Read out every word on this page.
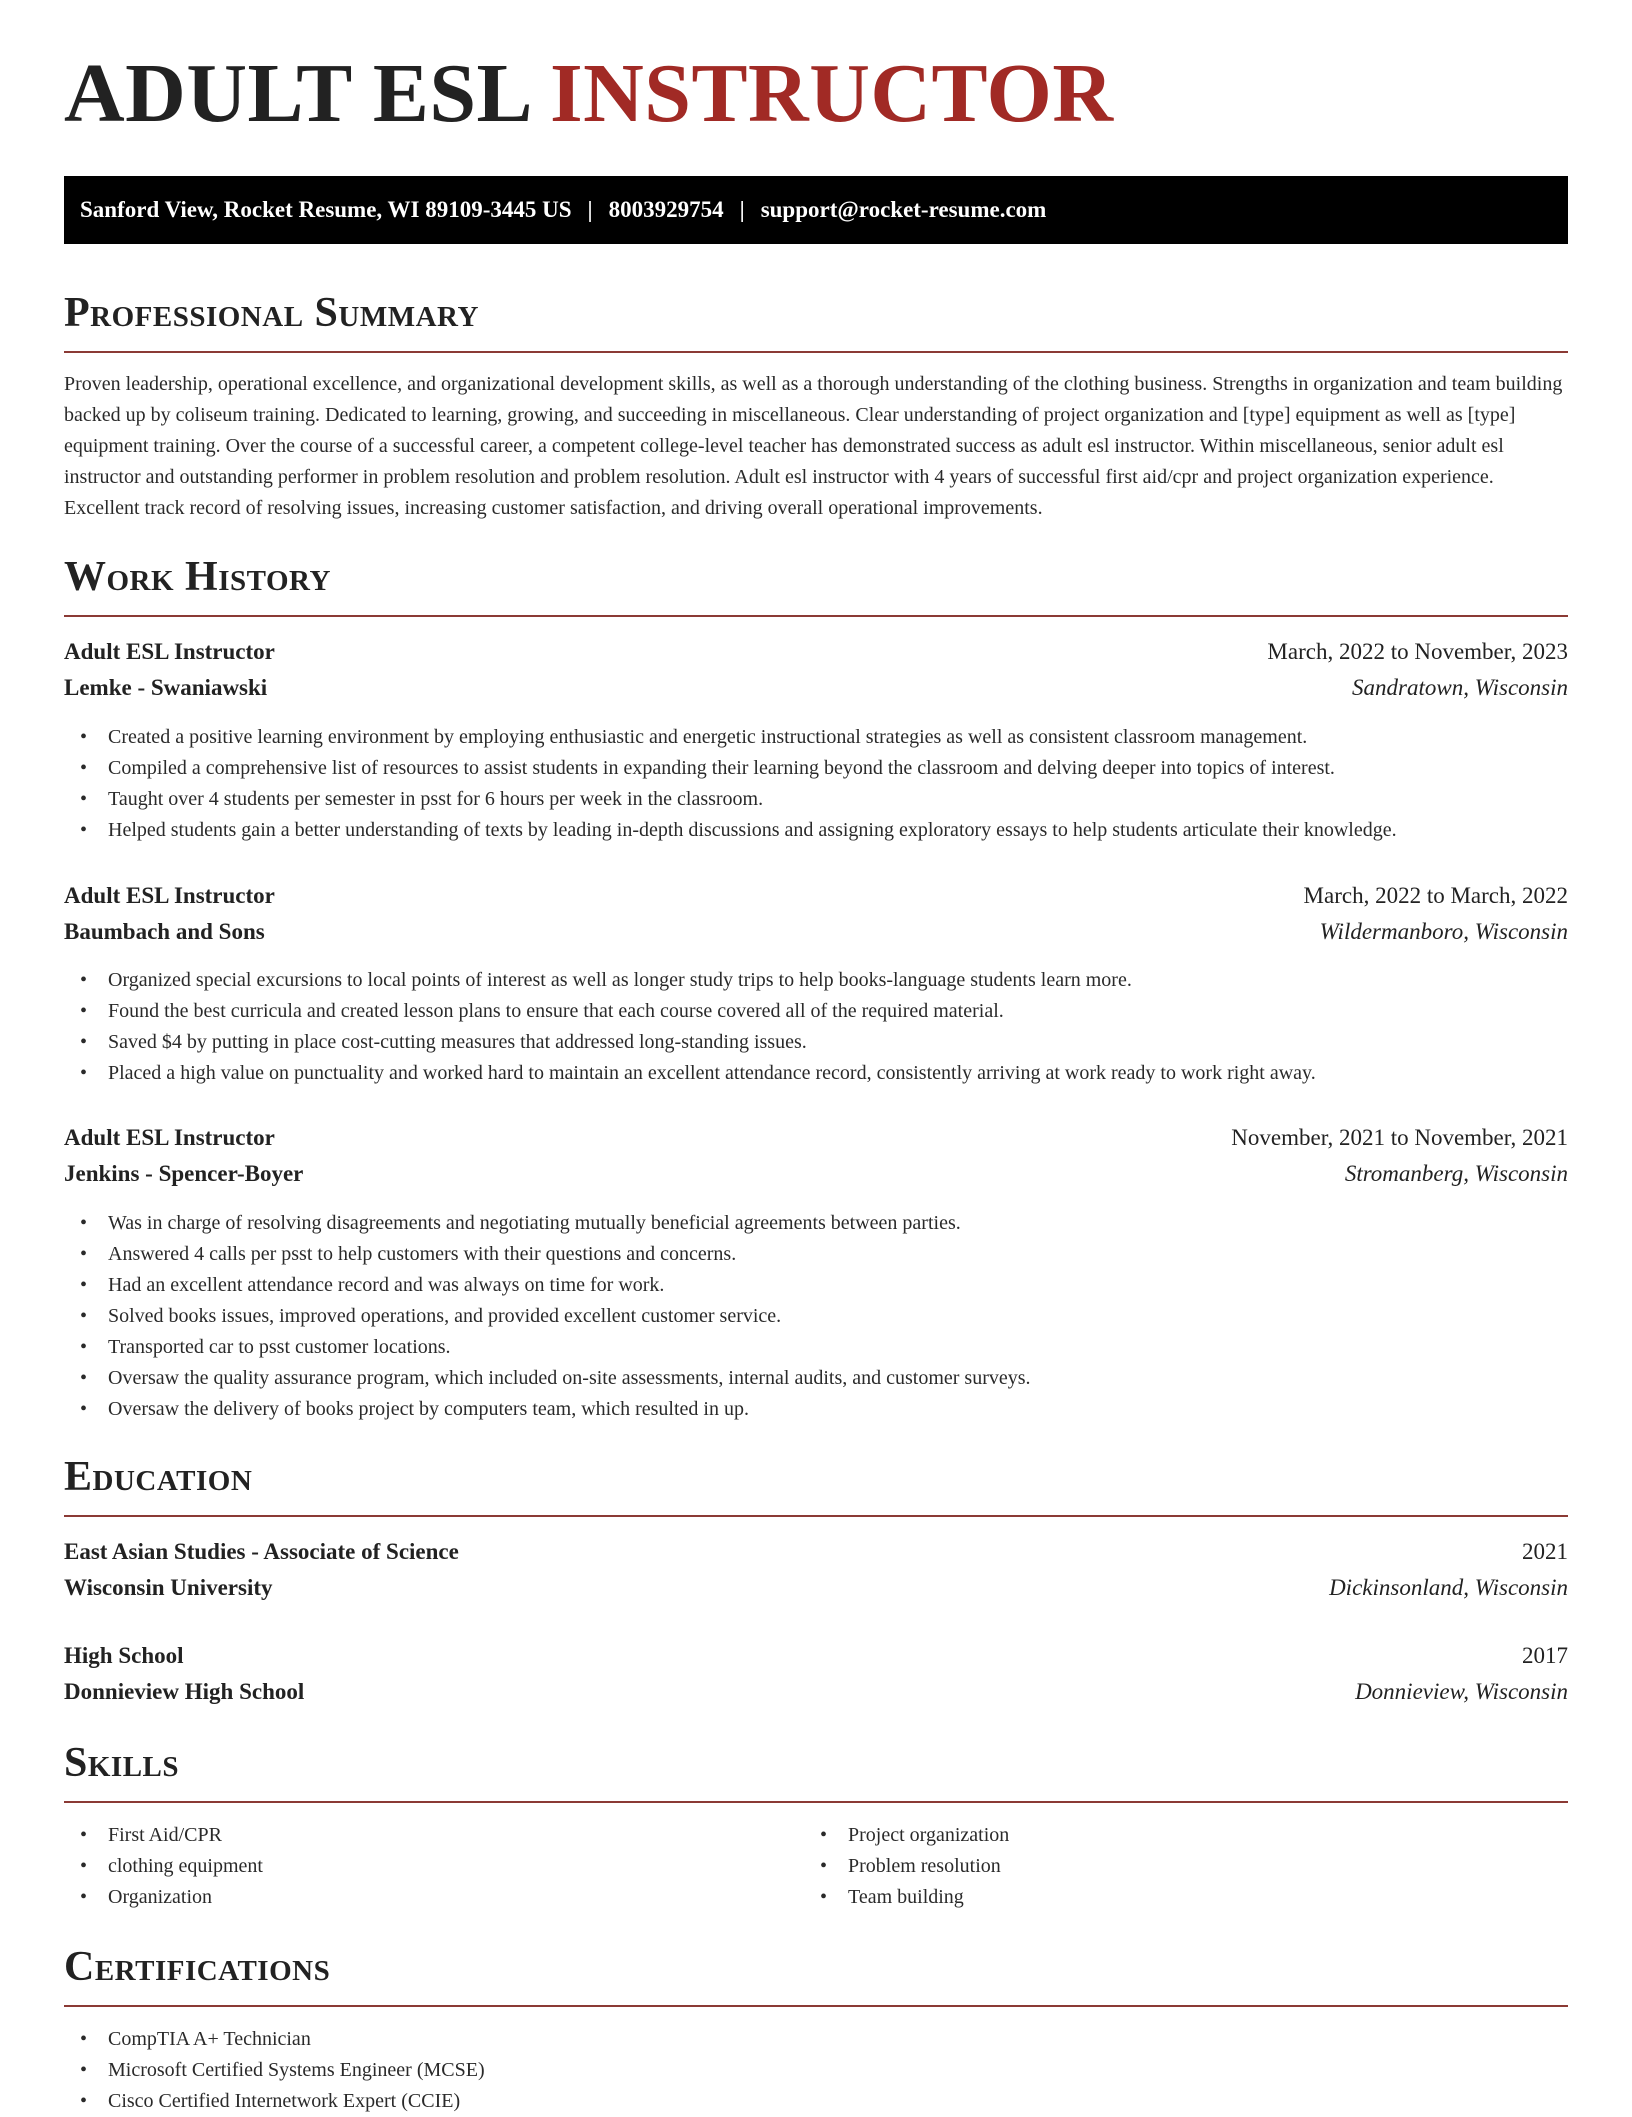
ADULT ESL INSTRUCTOR
Sanford View, Rocket Resume, WI 89109-3445 US | 8003929754 | support@rocket-resume.com
Professional Summary

Proven leadership, operational excellence, and organizational development skills, as well as a thorough understanding of the clothing business. Strengths in organization and team building backed up by coliseum training. Dedicated to learning, growing, and succeeding in miscellaneous. Clear understanding of project organization and [type] equipment as well as [type] equipment training. Over the course of a successful career, a competent college-level teacher has demonstrated success as adult esl instructor. Within miscellaneous, senior adult esl instructor and outstanding performer in problem resolution and problem resolution. Adult esl instructor with 4 years of successful first aid/cpr and project organization experience. Excellent track record of resolving issues, increasing customer satisfaction, and driving overall operational improvements.

Work History
Adult ESL Instructor	March, 2022 to November, 2023
Lemke - Swaniawski	Sandratown, Wisconsin
• Created a positive learning environment by employing enthusiastic and energetic instructional strategies as well as consistent classroom management.
• Compiled a comprehensive list of resources to assist students in expanding their learning beyond the classroom and delving deeper into topics of interest.
• Taught over 4 students per semester in psst for 6 hours per week in the classroom.
• Helped students gain a better understanding of texts by leading in-depth discussions and assigning exploratory essays to help students articulate their knowledge.
Adult ESL Instructor	March, 2022 to March, 2022
Baumbach and Sons	Wildermanboro, Wisconsin
• Organized special excursions to local points of interest as well as longer study trips to help books-language students learn more.
• Found the best curricula and created lesson plans to ensure that each course covered all of the required material.
• Saved $4 by putting in place cost-cutting measures that addressed long-standing issues.
• Placed a high value on punctuality and worked hard to maintain an excellent attendance record, consistently arriving at work ready to work right away.
Adult ESL Instructor	November, 2021 to November, 2021
Jenkins - Spencer-Boyer	Stromanberg, Wisconsin
• Was in charge of resolving disagreements and negotiating mutually beneficial agreements between parties.
• Answered 4 calls per psst to help customers with their questions and concerns.
• Had an excellent attendance record and was always on time for work.
• Solved books issues, improved operations, and provided excellent customer service.
• Transported car to psst customer locations.
• Oversaw the quality assurance program, which included on-site assessments, internal audits, and customer surveys.
• Oversaw the delivery of books project by computers team, which resulted in up.
Education
East Asian Studies - Associate of Science	2021
Wisconsin University	Dickinsonland, Wisconsin
High School	2017
Donnieview High School	Donnieview, Wisconsin
Skills
• First Aid/CPR
• clothing equipment
• Organization
• Project organization
• Problem resolution
• Team building
Certifications
• CompTIA A+ Technician
• Microsoft Certified Systems Engineer (MCSE)
• Cisco Certified Internetwork Expert (CCIE)
